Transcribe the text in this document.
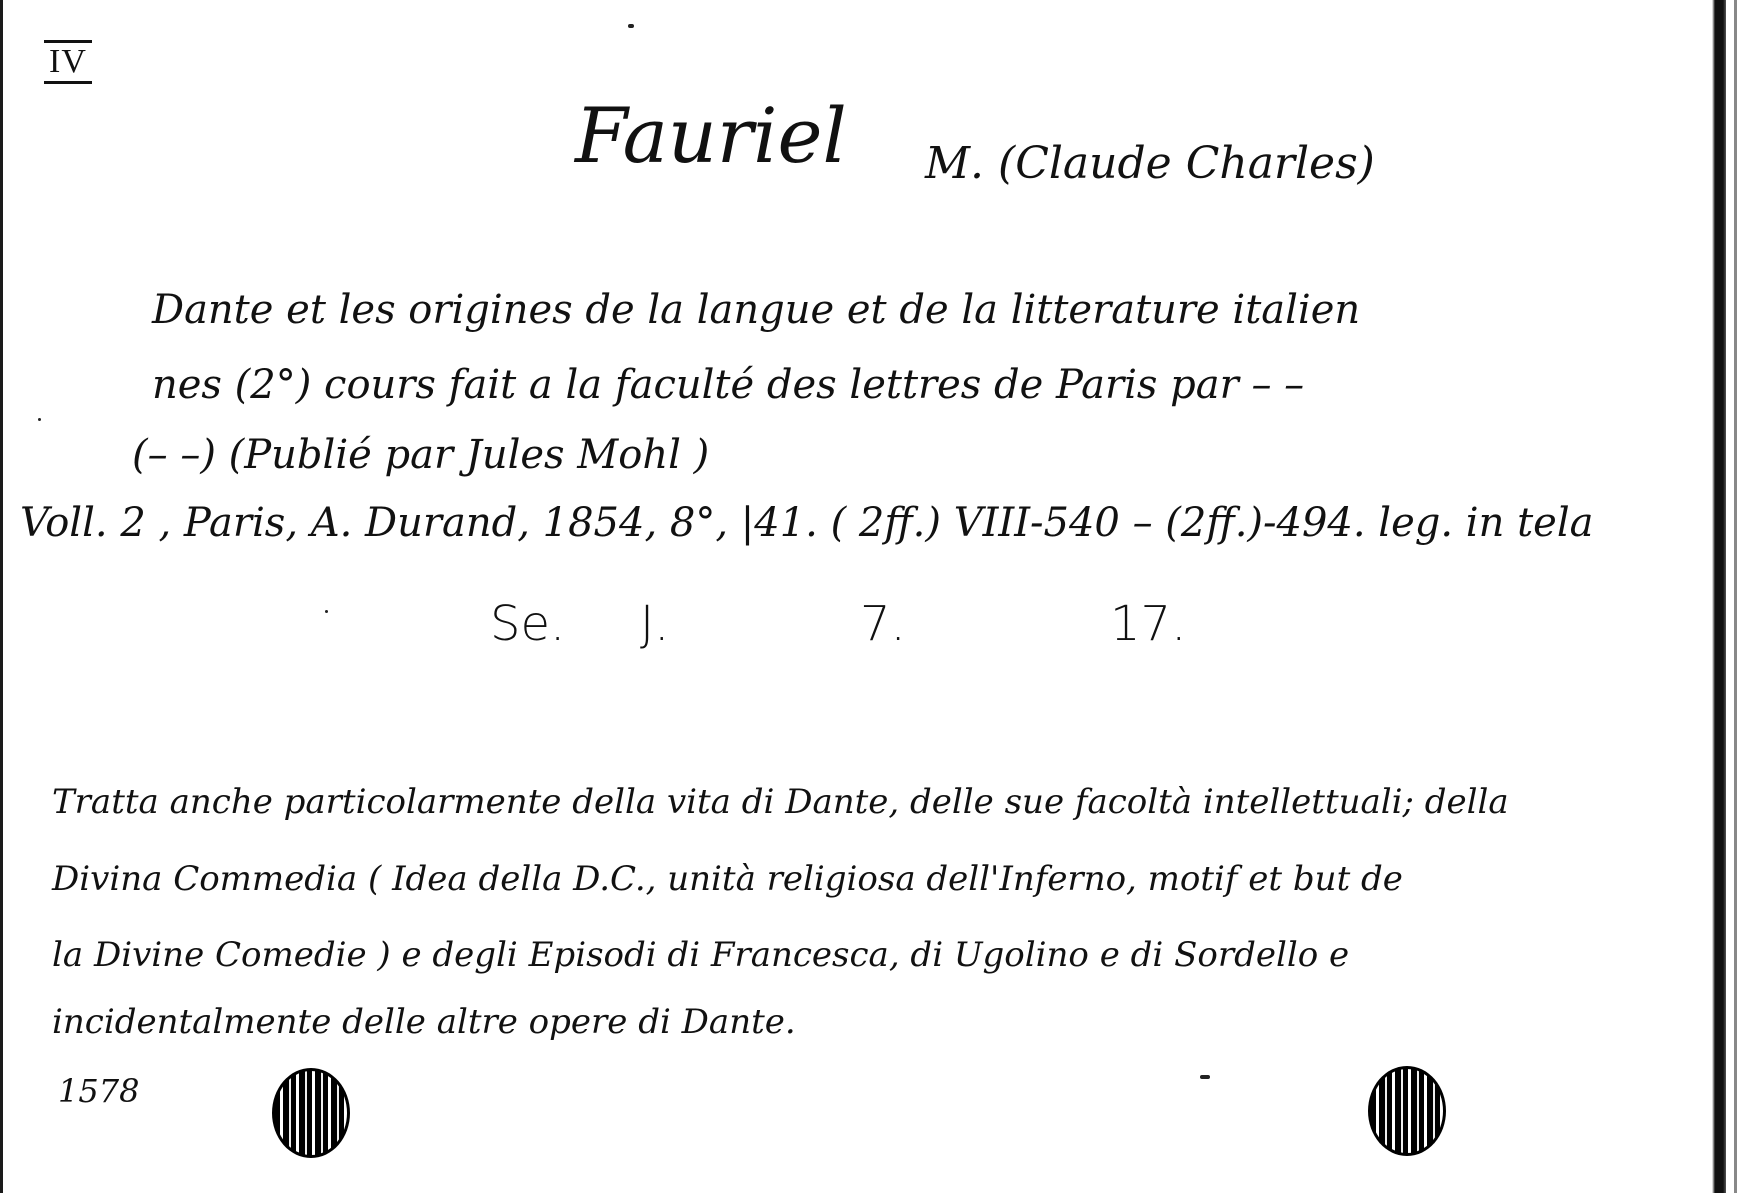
IV
Fauriel M. (Claude Charles)
Dante et les origines de la langue et de la litterature italien
nes (2°) cours fait a la faculté des lettres de Paris par – –
(– –) (Publié par Jules Mohl )
Voll. 2 , Paris, A. Durand, 1854, 8°, |41. ( 2ff.) VIII-540 – (2ff.)-494. leg. in tela
Se. J.	7.	17.
Tratta anche particolarmente della vita di Dante, delle sue facoltà intellettuali; della
Divina Commedia ( Idea della D.C., unità religiosa dell'Inferno, motif et but de
la Divine Comedie ) e degli Episodi di Francesca, di Ugolino e di Sordello e
incidentalmente delle altre opere di Dante.
1578
